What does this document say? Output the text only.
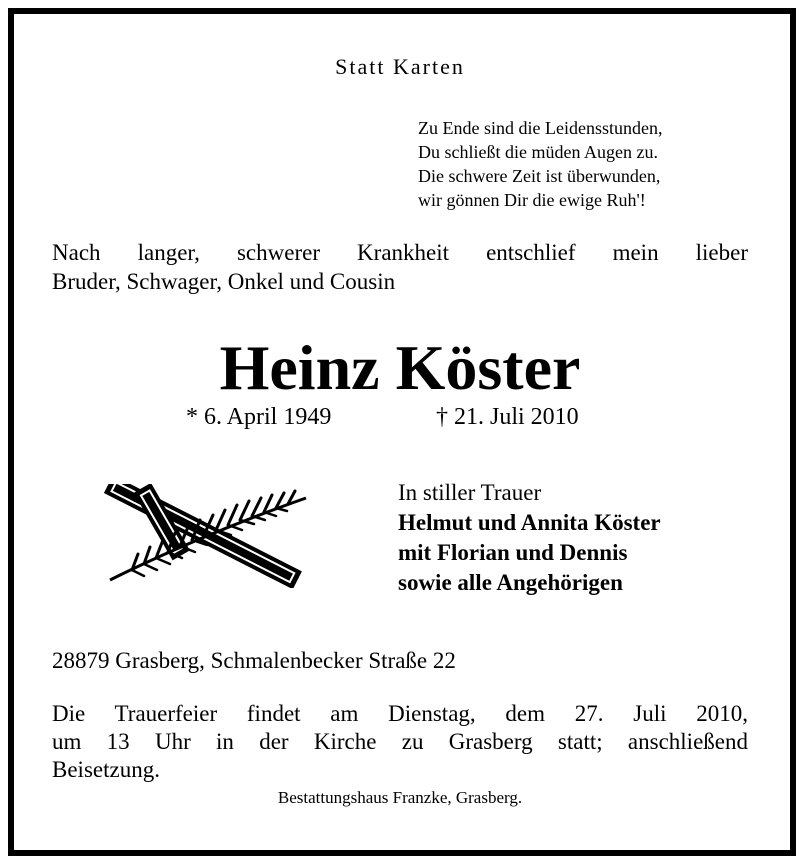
Statt Karten
Zu Ende sind die Leidensstunden,
Du schließt die müden Augen zu.
Die schwere Zeit ist überwunden,
wir gönnen Dir die ewige Ruh'!
Nach langer, schwerer Krankheit entschlief mein lieber
Bruder, Schwager, Onkel und Cousin
Heinz Köster
* 6. April 1949	† 21. Juli 2010
In stiller Trauer
Helmut und Annita Köster
mit Florian und Dennis
sowie alle Angehörigen
28879 Grasberg, Schmalenbecker Straße 22
Die Trauerfeier findet am Dienstag, dem 27. Juli 2010,
um 13 Uhr in der Kirche zu Grasberg statt; anschließend
Beisetzung.
Bestattungshaus Franzke, Grasberg.
